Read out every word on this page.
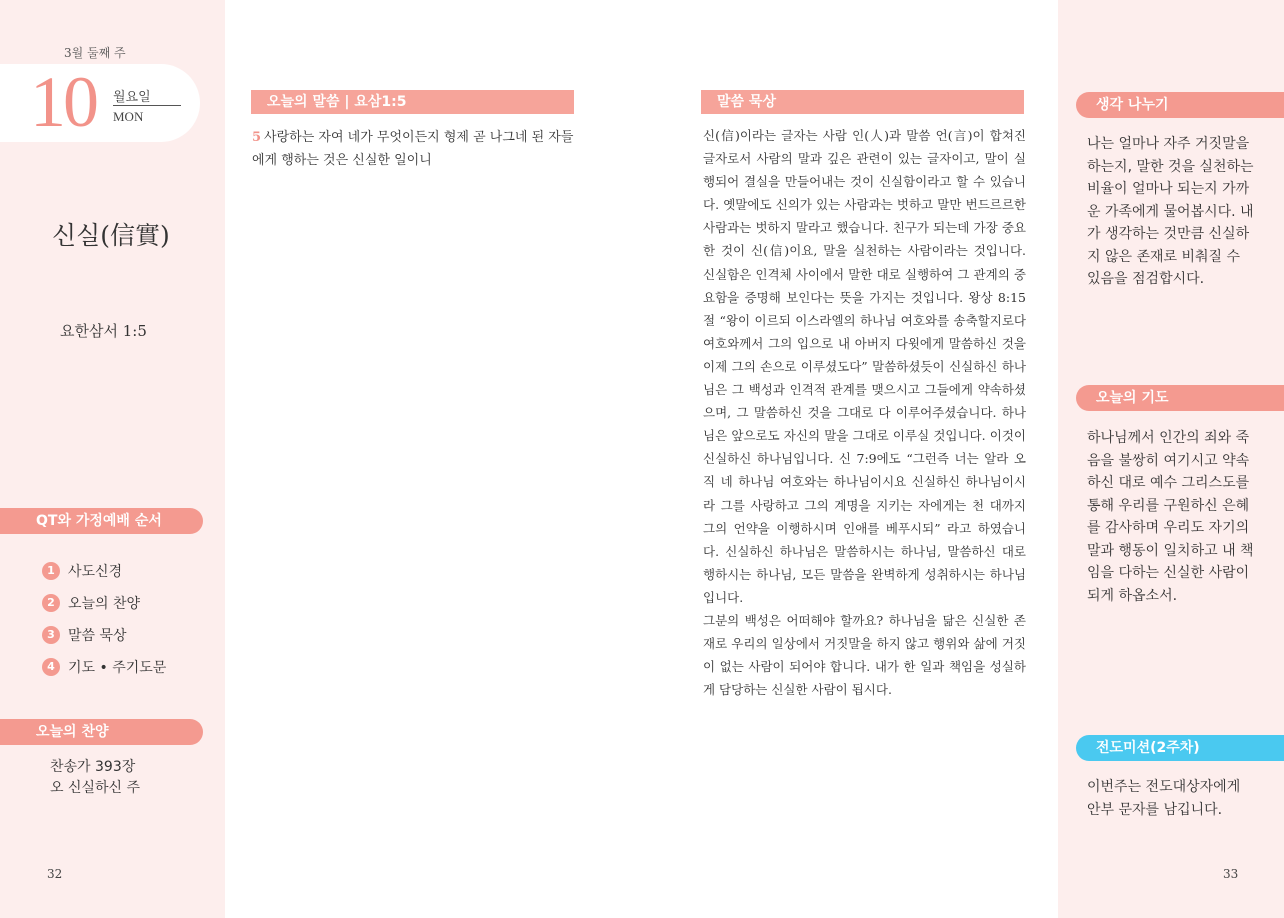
3월 둘째 주
10 월요일
MON
신실(信實)
요한삼서 1:5
QT와 가정예배 순서
1 사도신경
2 오늘의 찬양
3 말씀 묵상
4 기도 • 주기도문
오늘의 찬양
찬송가 393장
오 신실하신 주
32
오늘의 말씀 | 요삼1:5
5 사랑하는 자여 네가 무엇이든지 형제 곧 나그네 된 자들에게 행하는 것은 신실한 일이니
말씀 묵상

신(信)이라는 글자는 사람 인(人)과 말씀 언(言)이 합쳐진 글자로서 사람의 말과 깊은 관련이 있는 글자이고, 말이 실행되어 결실을 만들어내는 것이 신실함이라고 할 수 있습니다. 옛말에도 신의가 있는 사람과는 벗하고 말만 번드르르한 사람과는 벗하지 말라고 했습니다. 친구가 되는데 가장 중요한 것이 신(信)이요, 말을 실천하는 사람이라는 것입니다. 신실함은 인격체 사이에서 말한 대로 실행하여 그 관계의 중요함을 증명해 보인다는 뜻을 가지는 것입니다. 왕상 8:15절 “왕이 이르되 이스라엘의 하나님 여호와를 송축할지로다 여호와께서 그의 입으로 내 아버지 다윗에게 말씀하신 것을 이제 그의 손으로 이루셨도다” 말씀하셨듯이 신실하신 하나님은 그 백성과 인격적 관계를 맺으시고 그들에게 약속하셨으며, 그 말씀하신 것을 그대로 다 이루어주셨습니다. 하나님은 앞으로도 자신의 말을 그대로 이루실 것입니다. 이것이 신실하신 하나님입니다. 신 7:9에도 “그런즉 너는 알라 오직 네 하나님 여호와는 하나님이시요 신실하신 하나님이시라 그를 사랑하고 그의 계명을 지키는 자에게는 천 대까지 그의 언약을 이행하시며 인애를 베푸시되” 라고 하였습니다. 신실하신 하나님은 말씀하시는 하나님, 말씀하신 대로 행하시는 하나님, 모든 말씀을 완벽하게 성취하시는 하나님입니다.

그분의 백성은 어떠해야 할까요? 하나님을 닮은 신실한 존재로 우리의 일상에서 거짓말을 하지 않고 행위와 삶에 거짓이 없는 사람이 되어야 합니다. 내가 한 일과 책임을 성실하게 담당하는 신실한 사람이 됩시다.

생각 나누기
나는 얼마나 자주 거짓말을 하는지, 말한 것을 실천하는 비율이 얼마나 되는지 가까운 가족에게 물어봅시다. 내가 생각하는 것만큼 신실하지 않은 존재로 비춰질 수 있음을 점검합시다.
오늘의 기도
하나님께서 인간의 죄와 죽음을 불쌍히 여기시고 약속하신 대로 예수 그리스도를 통해 우리를 구원하신 은혜를 감사하며 우리도 자기의 말과 행동이 일치하고 내 책임을 다하는 신실한 사람이 되게 하옵소서.
전도미션(2주차)
이번주는 전도대상자에게 안부 문자를 남깁니다.
33
